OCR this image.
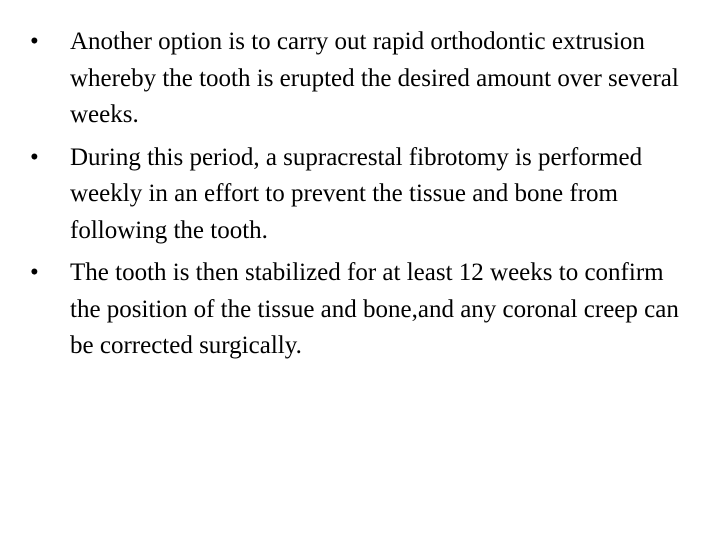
•	Another option is to carry out rapid orthodontic extrusion whereby the tooth is erupted the desired amount over several weeks.
•	During this period, a supracrestal fibrotomy is performed weekly in an effort to prevent the tissue and bone from following the tooth.
•	The tooth is then stabilized for at least 12 weeks to confirm the position of the tissue and bone,and any coronal creep can be corrected surgically.
